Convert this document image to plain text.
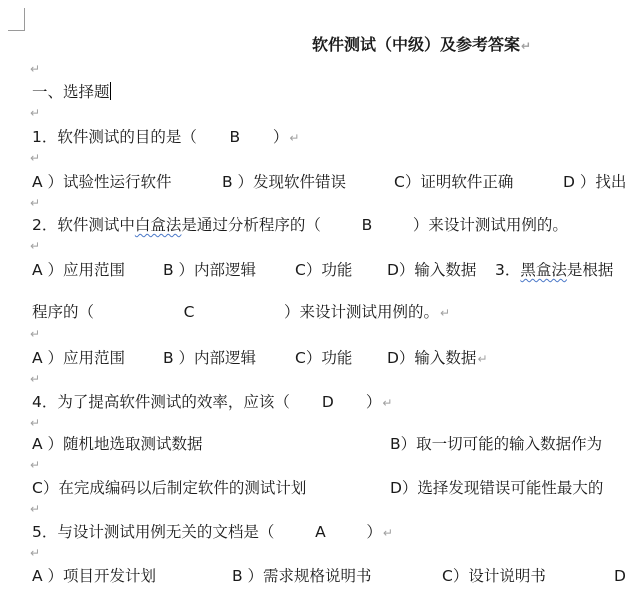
软件测试（中级）及参考答案↵
↵
一、选择题
↵
1．软件测试的目的是（ B ）↵
↵
A ）试验性运行软件	B ）发现软件错误	C）证明软件正确	D ）找出
↵
2．软件测试中白盒法是通过分析程序的（	B	）来设计测试用例的。
↵
A ）应用范围 B ）内部逻辑	C）功能 D）输入数据 3．黑盒法是根据
程序的（	C	）来设计测试用例的。↵
↵
A ）应用范围 B ）内部逻辑	C）功能 D）输入数据↵
↵
4．为了提高软件测试的效率，应该（ D ）↵
↵
A ）随机地选取测试数据	B）取一切可能的输入数据作为
↵
C）在完成编码以后制定软件的测试计划	D）选择发现错误可能性最大的
↵
5．与设计测试用例无关的文档是（	A	）↵
↵
A ）项目开发计划	B ）需求规格说明书	C）设计说明书	D
